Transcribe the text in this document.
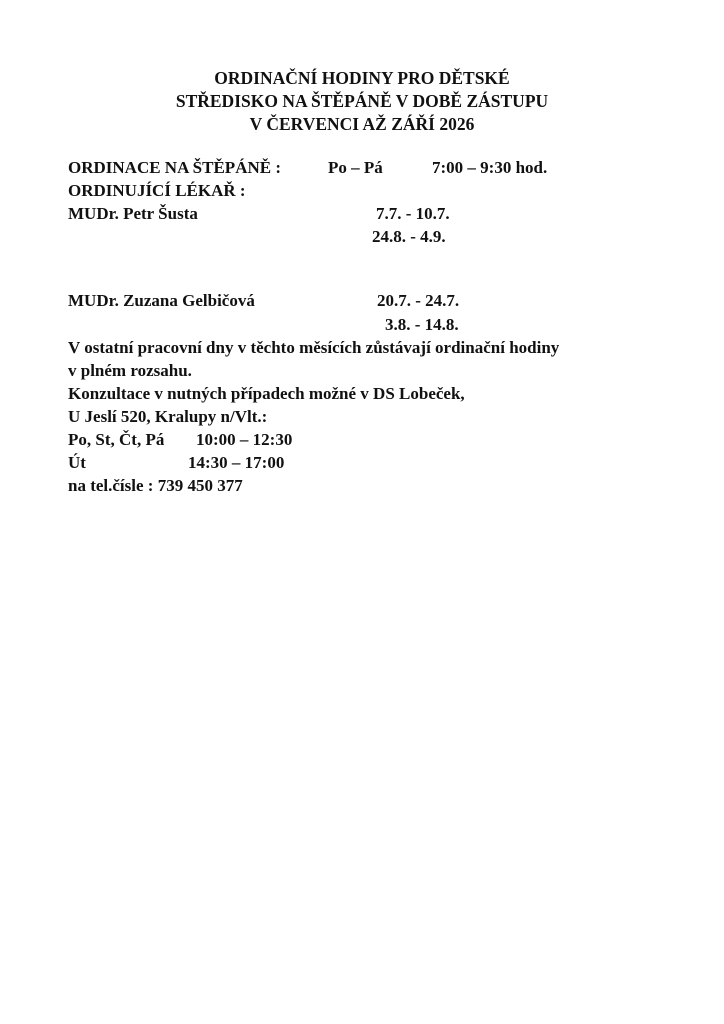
ORDINAČNÍ HODINY PRO DĚTSKÉ
STŘEDISKO NA ŠTĚPÁNĚ V DOBĚ ZÁSTUPU
V ČERVENCI AŽ ZÁŘÍ 2026
ORDINACE NA ŠTĚPÁNĚ :	Po – Pá	7:00 – 9:30 hod.
ORDINUJÍCÍ LÉKAŘ :
MUDr. Petr Šusta	7.7. - 10.7.
24.8. - 4.9.
MUDr. Zuzana Gelbičová	20.7. - 24.7.
3.8. - 14.8.
V ostatní pracovní dny v těchto měsících zůstávají ordinační hodiny
v plném rozsahu.
Konzultace v nutných případech možné v DS Lobeček,
U Jeslí 520, Kralupy n/Vlt.:
Po, St, Čt, Pá 10:00 – 12:30
Út	14:30 – 17:00
na tel.čísle : 739 450 377
